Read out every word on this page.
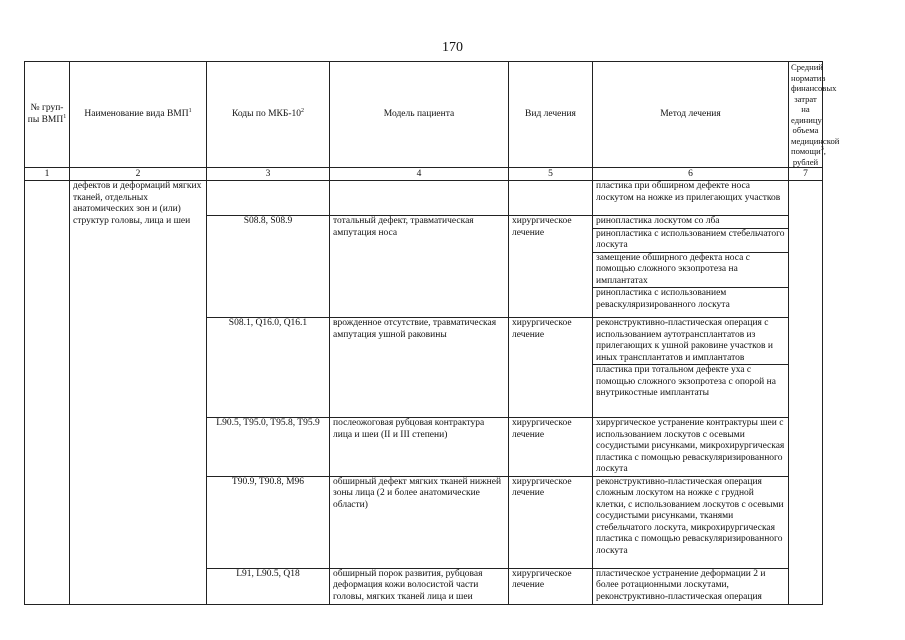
170
№ груп-пы ВМП$^1$	Наименование вида ВМП$^1$	Коды по МКБ-$10^2$	Модель пациента	Вид лечения	Метод лечения	Средний норматив финансовых затрат на единицу объема медицинской помощи$^3$, рублей
1	2	3	4	5	6	7
	дефектов и деформаций мягких тканей, отдельных анатомических зон и (или) структур головы, лица и шеи				пластика при обширном дефекте носа лоскутом на ножке из прилегающих участков	

		S08.8, S08.9	тотальный дефект, травматическая ампутация носа	хирургическое лечение	ринопластика лоскутом со лба
ринопластика с использованием стебельчатого лоскута
замещение обширного дефекта носа с помощью сложного экзопротеза на имплантатах
ринопластика с использованием реваскуляризированного лоскута	

		S08.1, Q16.0, Q16.1	врожденное отсутствие, травматическая ампутация ушной раковины	хирургическое лечение	реконструктивно-пластическая операция с использованием аутотрансплантатов из прилегающих к ушной раковине участков и иных трансплантатов и имплантатов
пластика при тотальном дефекте уха с помощью сложного экзопротеза с опорой на внутрикостные имплантаты	

		L90.5, T95.0, T95.8, T95.9	послеожоговая рубцовая контрактура лица и шеи (II и III степени)	хирургическое лечение	хирургическое устранение контрактуры шеи с использованием лоскутов с осевыми сосудистыми рисунками, микрохирургическая пластика с помощью реваскуляризированного лоскута	

		T90.9, T90.8, M96	обширный дефект мягких тканей нижней зоны лица (2 и более анатомические области)	хирургическое лечение	реконструктивно-пластическая операция сложным лоскутом на ножке с грудной клетки, с использованием лоскутов с осевыми сосудистыми рисунками, тканями стебельчатого лоскута, микрохирургическая пластика с помощью реваскуляризированного лоскута	

		L91, L90.5, Q18	обширный порок развития, рубцовая деформация кожи волосистой части головы, мягких тканей лица и шеи	хирургическое лечение	пластическое устранение деформации 2 и более ротационными лоскутами, реконструктивно-пластическая операция	
